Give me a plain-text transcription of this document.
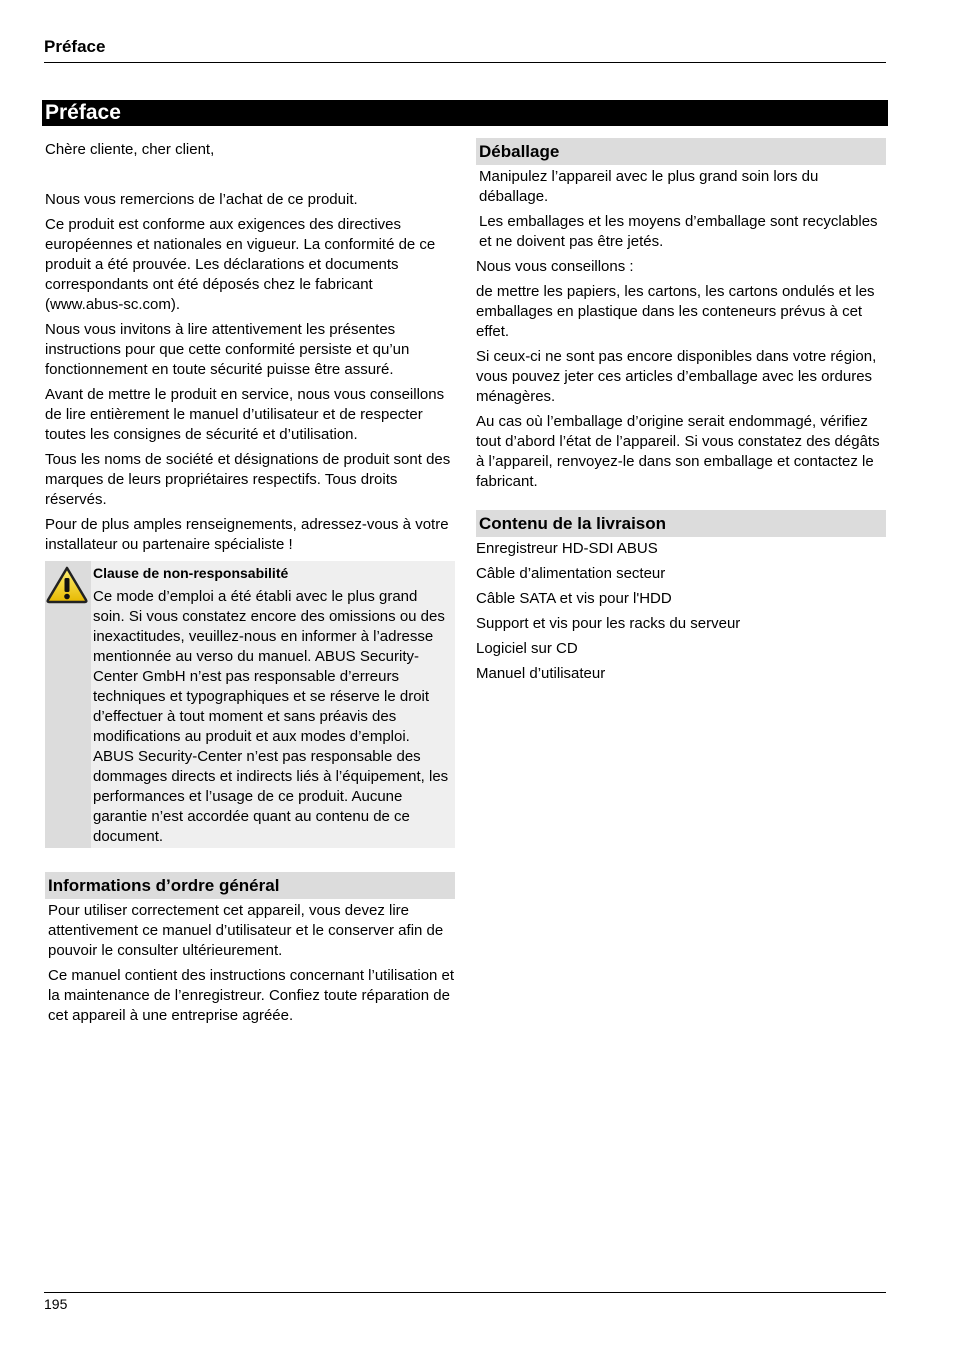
Préface
Préface

Chère cliente, cher client,

Nous vous remercions de l’achat de ce produit.

Ce produit est conforme aux exigences des directives européennes et nationales en vigueur. La conformité de ce produit a été prouvée. Les déclarations et documents correspondants ont été déposés chez le fabricant (www.abus-sc.com).

Nous vous invitons à lire attentivement les présentes instructions pour que cette conformité persiste et qu’un fonctionnement en toute sécurité puisse être assuré.

Avant de mettre le produit en service, nous vous conseillons de lire entièrement le manuel d’utilisateur et de respecter toutes les consignes de sécurité et d’utilisation.

Tous les noms de société et désignations de produit sont des marques de leurs propriétaires respectifs. Tous droits réservés.

Pour de plus amples renseignements, adressez-vous à votre installateur ou partenaire spécialiste !

Clause de non-responsabilité
Ce mode d’emploi a été établi avec le plus grand soin. Si vous constatez encore des omissions ou des inexactitudes, veuillez-nous en informer à l’adresse mentionnée au verso du manuel. ABUS Security-Center GmbH n’est pas responsable d’erreurs techniques et typographiques et se réserve le droit d’effectuer à tout moment et sans préavis des modifications au produit et aux modes d’emploi. ABUS Security-Center n’est pas responsable des dommages directs et indirects liés à l’équipement, les performances et l’usage de ce produit. Aucune garantie n’est accordée quant au contenu de ce document.
Informations d’ordre général

Pour utiliser correctement cet appareil, vous devez lire attentivement ce manuel d’utilisateur et le conserver afin de pouvoir le consulter ultérieurement.

Ce manuel contient des instructions concernant l’utilisation et la maintenance de l’enregistreur. Confiez toute réparation de cet appareil à une entreprise agréée.

Déballage

Manipulez l’appareil avec le plus grand soin lors du déballage.

Les emballages et les moyens d’emballage sont recyclables et ne doivent pas être jetés.

Nous vous conseillons :

de mettre les papiers, les cartons, les cartons ondulés et les emballages en plastique dans les conteneurs prévus à cet effet.

Si ceux-ci ne sont pas encore disponibles dans votre région, vous pouvez jeter ces articles d’emballage avec les ordures ménagères.

Au cas où l’emballage d’origine serait endommagé, vérifiez tout d’abord l’état de l’appareil. Si vous constatez des dégâts à l’appareil, renvoyez-le dans son emballage et contactez le fabricant.

Contenu de la livraison
Enregistreur HD-SDI ABUS
Câble d’alimentation secteur
Câble SATA et vis pour l'HDD
Support et vis pour les racks du serveur
Logiciel sur CD
Manuel d’utilisateur
195
